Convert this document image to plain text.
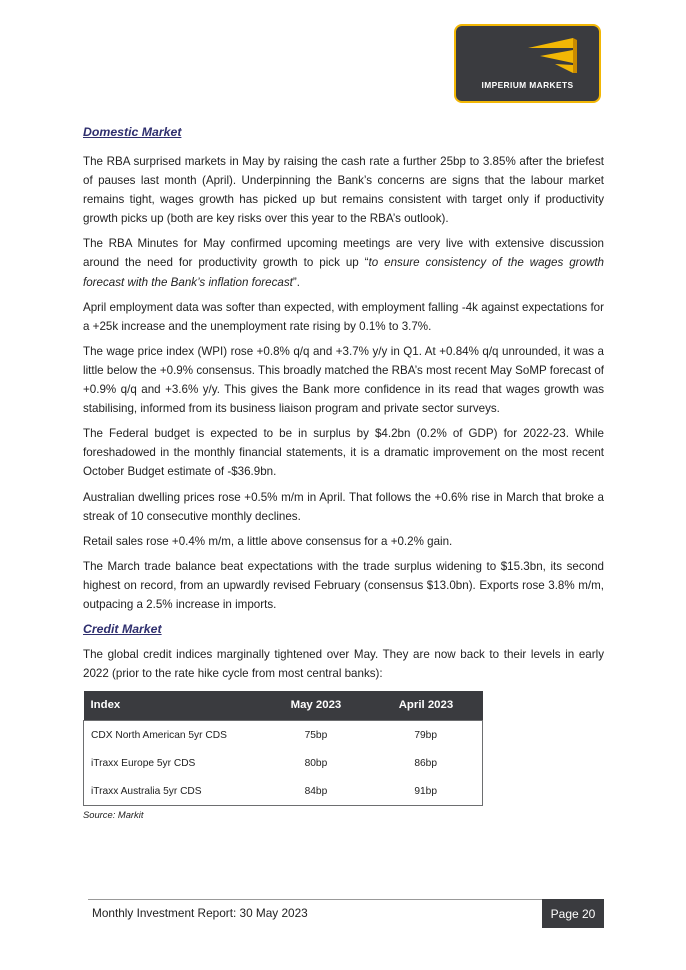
IMPERIUM MARKETS
Domestic Market

The RBA surprised markets in May by raising the cash rate a further 25bp to 3.85% after the briefest of pauses last month (April). Underpinning the Bank’s concerns are signs that the labour market remains tight, wages growth has picked up but remains consistent with target only if productivity growth picks up (both are key risks over this year to the RBA’s outlook).

The RBA Minutes for May confirmed upcoming meetings are very live with extensive discussion around the need for productivity growth to pick up “to ensure consistency of the wages growth forecast with the Bank’s inflation forecast”.

April employment data was softer than expected, with employment falling -4k against expectations for a +25k increase and the unemployment rate rising by 0.1% to 3.7%.

The wage price index (WPI) rose +0.8% q/q and +3.7% y/y in Q1. At +0.84% q/q unrounded, it was a little below the +0.9% consensus. This broadly matched the RBA’s most recent May SoMP forecast of +0.9% q/q and +3.6% y/y. This gives the Bank more confidence in its read that wages growth was stabilising, informed from its business liaison program and private sector surveys.

The Federal budget is expected to be in surplus by $4.2bn (0.2% of GDP) for 2022-23. While foreshadowed in the monthly financial statements, it is a dramatic improvement on the most recent October Budget estimate of -$36.9bn.

Australian dwelling prices rose +0.5% m/m in April. That follows the +0.6% rise in March that broke a streak of 10 consecutive monthly declines.

Retail sales rose +0.4% m/m, a little above consensus for a +0.2% gain.

The March trade balance beat expectations with the trade surplus widening to $15.3bn, its second highest on record, from an upwardly revised February (consensus $13.0bn). Exports rose 3.8% m/m, outpacing a 2.5% increase in imports.

Credit Market

The global credit indices marginally tightened over May. They are now back to their levels in early 2022 (prior to the rate hike cycle from most central banks):

Index	May 2023	April 2023
CDX North American 5yr CDS	75bp	79bp
iTraxx Europe 5yr CDS	80bp	86bp
iTraxx Australia 5yr CDS	84bp	91bp
Source: Markit
Monthly Investment Report: 30 May 2023	Page 20
